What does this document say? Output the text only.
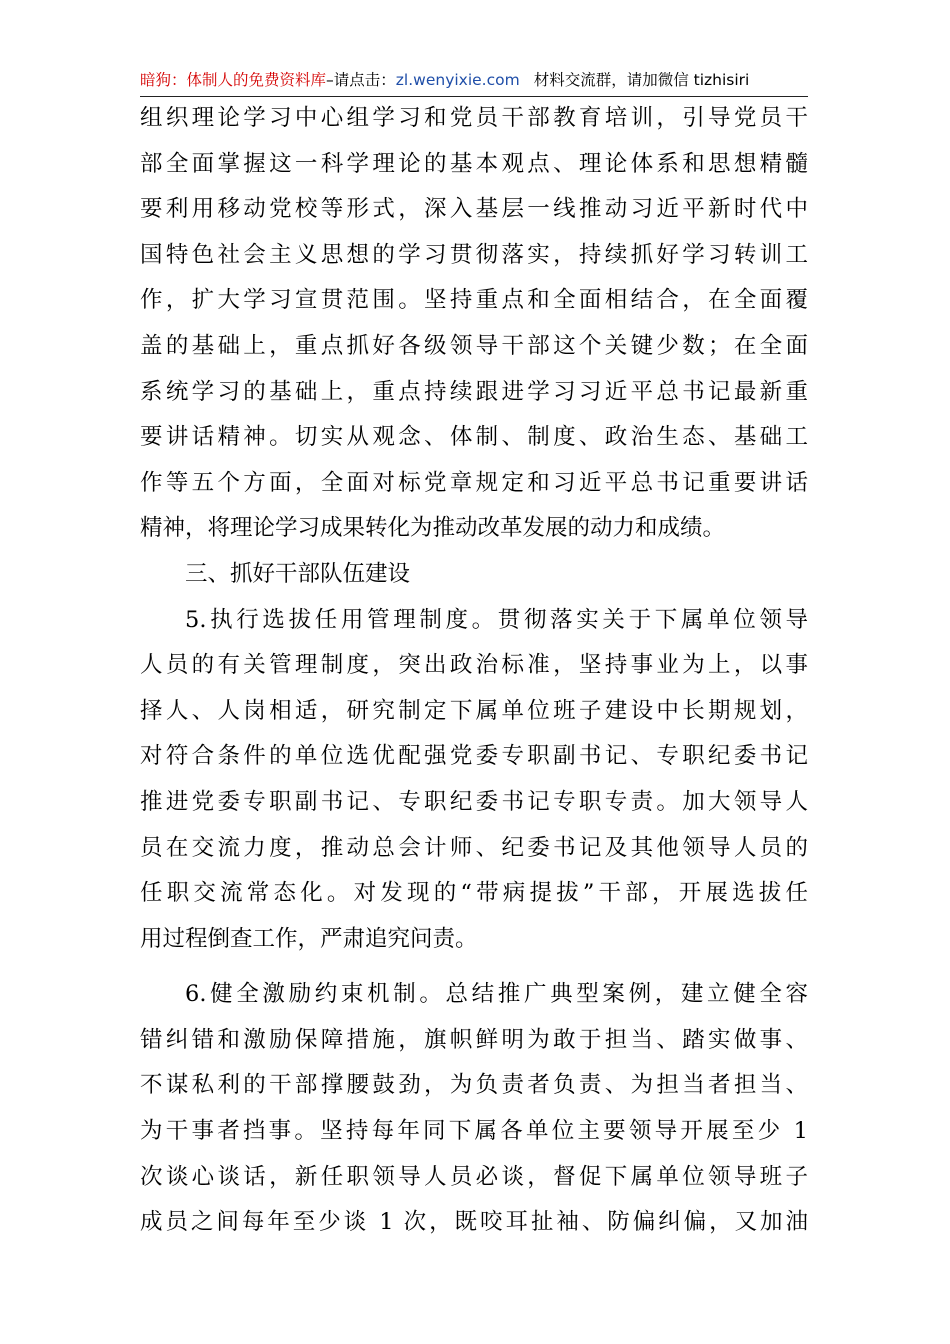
暗狗：体制人的免费资料库–请点击：zl.wenyixie.com 材料交流群，请加微信 tizhisiri
组织理论学习中心组学习和党员干部教育培训，引导党员干
部全面掌握这一科学理论的基本观点、理论体系和思想精髓
要利用移动党校等形式，深入基层一线推动习近平新时代中
国特色社会主义思想的学习贯彻落实，持续抓好学习转训工
作，扩大学习宣贯范围。坚持重点和全面相结合，在全面覆
盖的基础上，重点抓好各级领导干部这个关键少数；在全面
系统学习的基础上，重点持续跟进学习习近平总书记最新重
要讲话精神。切实从观念、体制、制度、政治生态、基础工
作等五个方面，全面对标党章规定和习近平总书记重要讲话
精神，将理论学习成果转化为推动改革发展的动力和成绩。
三、抓好干部队伍建设
5.执行选拔任用管理制度。贯彻落实关于下属单位领导
人员的有关管理制度，突出政治标准，坚持事业为上，以事
择人、人岗相适，研究制定下属单位班子建设中长期规划，
对符合条件的单位选优配强党委专职副书记、专职纪委书记
推进党委专职副书记、专职纪委书记专职专责。加大领导人
员在交流力度，推动总会计师、纪委书记及其他领导人员的
任职交流常态化。对发现的“带病提拔”干部，开展选拔任
用过程倒查工作，严肃追究问责。
6.健全激励约束机制。总结推广典型案例，建立健全容
错纠错和激励保障措施，旗帜鲜明为敢于担当、踏实做事、
不谋私利的干部撑腰鼓劲，为负责者负责、为担当者担当、
为干事者挡事。坚持每年同下属各单位主要领导开展至少 1
次谈心谈话，新任职领导人员必谈，督促下属单位领导班子
成员之间每年至少谈 1 次，既咬耳扯袖、防偏纠偏，又加油
